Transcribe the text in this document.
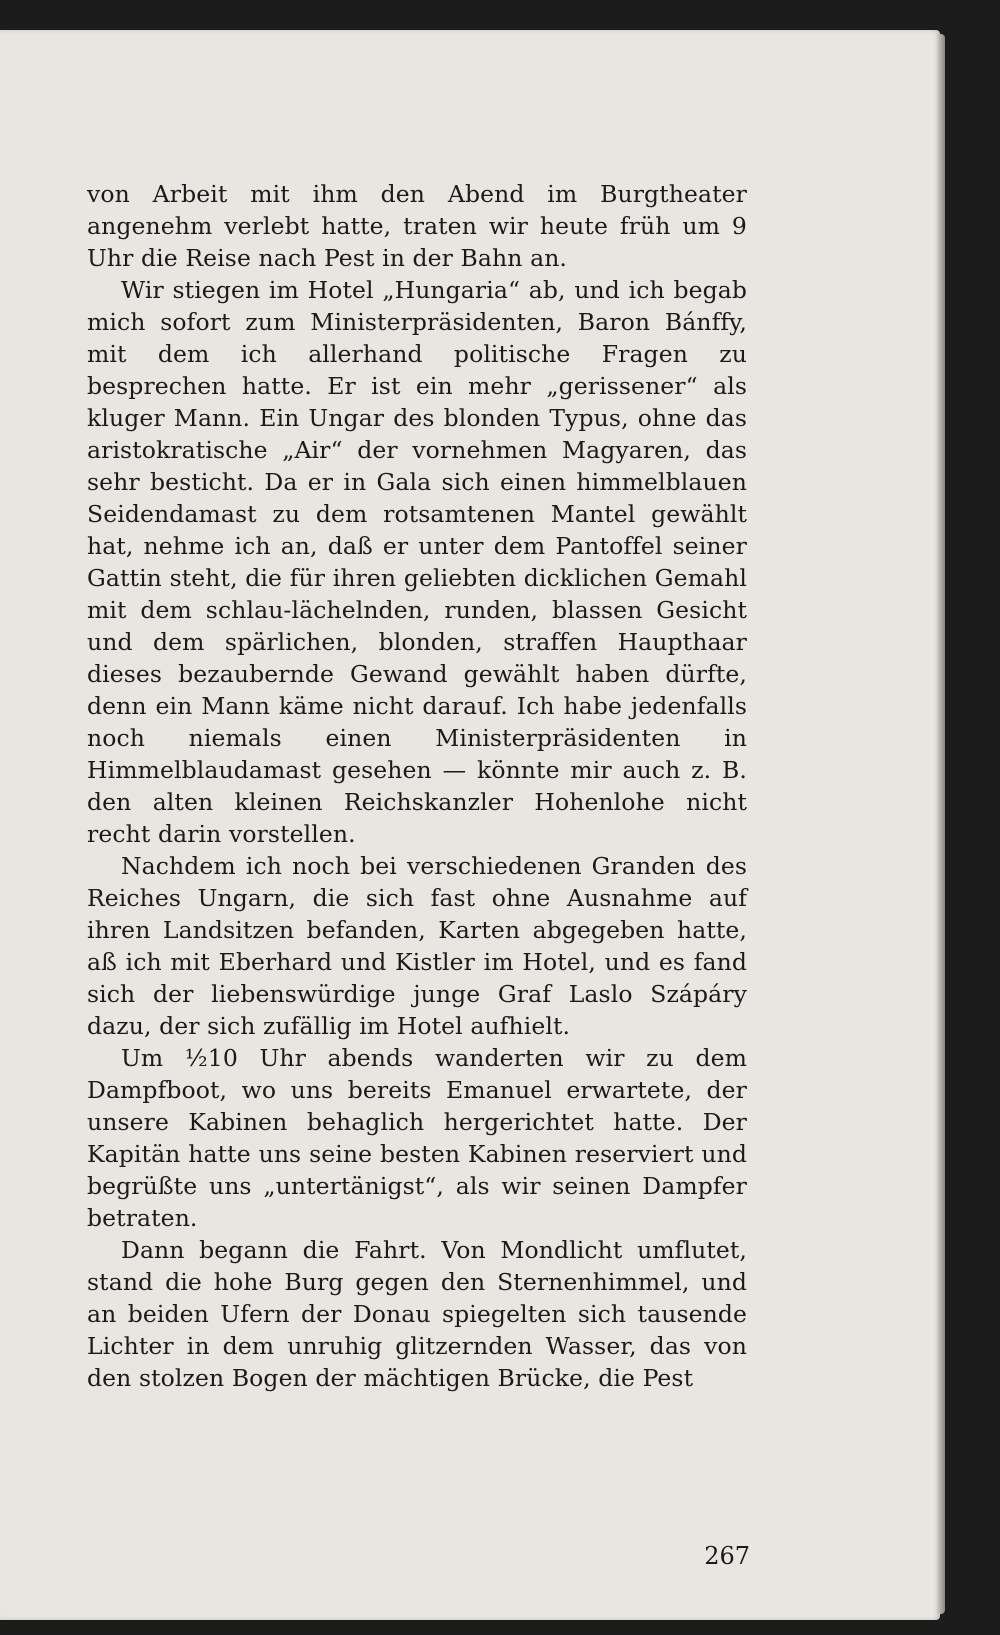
von Arbeit mit ihm den Abend im Burgtheater angenehm verlebt hatte, traten wir heute früh um 9 Uhr die Reise nach Pest in der Bahn an.

Wir stiegen im Hotel „Hungaria“ ab, und ich begab mich sofort zum Ministerpräsidenten, Baron Bánffy, mit dem ich allerhand politische Fragen zu besprechen hatte. Er ist ein mehr „gerissener“ als kluger Mann. Ein Ungar des blonden Typus, ohne das aristokratische „Air“ der vornehmen Magyaren, das sehr besticht. Da er in Gala sich einen himmelblauen Seidendamast zu dem rotsamtenen Mantel gewählt hat, nehme ich an, daß er unter dem Pantoffel seiner Gattin steht, die für ihren geliebten dicklichen Gemahl mit dem schlau-lächelnden, runden, blassen Gesicht und dem spärlichen, blonden, straffen Haupthaar dieses bezaubernde Gewand gewählt haben dürfte, denn ein Mann käme nicht darauf. Ich habe jedenfalls noch niemals einen Ministerpräsidenten in Himmelblaudamast gesehen — könnte mir auch z. B. den alten kleinen Reichskanzler Hohenlohe nicht recht darin vorstellen.

Nachdem ich noch bei verschiedenen Granden des Reiches Ungarn, die sich fast ohne Ausnahme auf ihren Landsitzen befanden, Karten abgegeben hatte, aß ich mit Eberhard und Kistler im Hotel, und es fand sich der liebenswürdige junge Graf Laslo Szápáry dazu, der sich zufällig im Hotel aufhielt.

Um ½10 Uhr abends wanderten wir zu dem Dampfboot, wo uns bereits Emanuel erwartete, der unsere Kabinen behaglich hergerichtet hatte. Der Kapitän hatte uns seine besten Kabinen reserviert und begrüßte uns „untertänigst“, als wir seinen Dampfer betraten.

Dann begann die Fahrt. Von Mondlicht umflutet, stand die hohe Burg gegen den Sternenhimmel, und an beiden Ufern der Donau spiegelten sich tausende Lichter in dem unruhig glitzernden Wasser, das von den stolzen Bogen der mächtigen Brücke, die Pest

267
